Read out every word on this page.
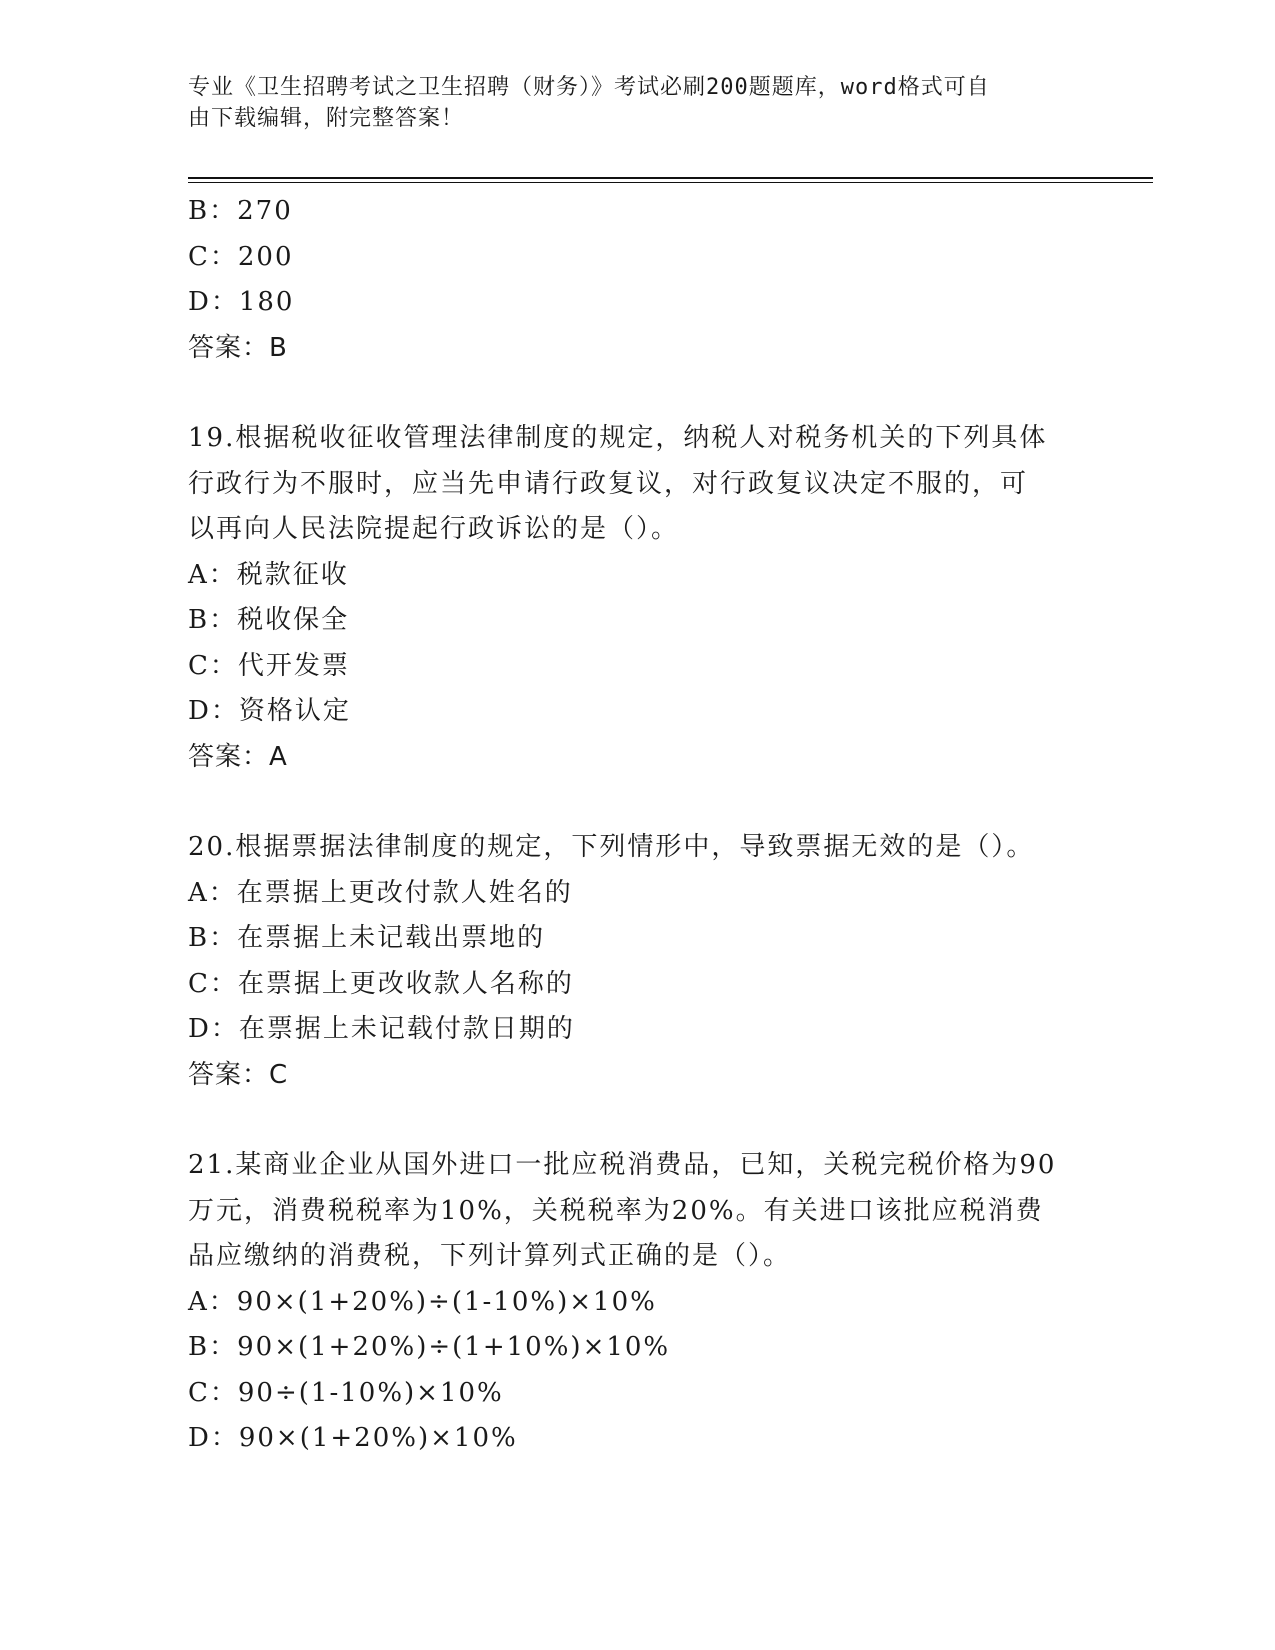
专业《卫生招聘考试之卫生招聘（财务）》考试必刷200题题库，word格式可自
由下载编辑，附完整答案！
B：270
C：200
D：180
答案：B
19.根据税收征收管理法律制度的规定，纳税人对税务机关的下列具体
行政行为不服时，应当先申请行政复议，对行政复议决定不服的，可
以再向人民法院提起行政诉讼的是（）。
A：税款征收
B：税收保全
C：代开发票
D：资格认定
答案：A
20.根据票据法律制度的规定，下列情形中，导致票据无效的是（）。
A：在票据上更改付款人姓名的
B：在票据上未记载出票地的
C：在票据上更改收款人名称的
D：在票据上未记载付款日期的
答案：C
21.某商业企业从国外进口一批应税消费品，已知，关税完税价格为90
万元，消费税税率为10%，关税税率为20%。有关进口该批应税消费
品应缴纳的消费税，下列计算列式正确的是（）。
A：90×(1+20%)÷(1-10%)×10%
B：90×(1+20%)÷(1+10%)×10%
C：90÷(1-10%)×10%
D：90×(1+20%)×10%
